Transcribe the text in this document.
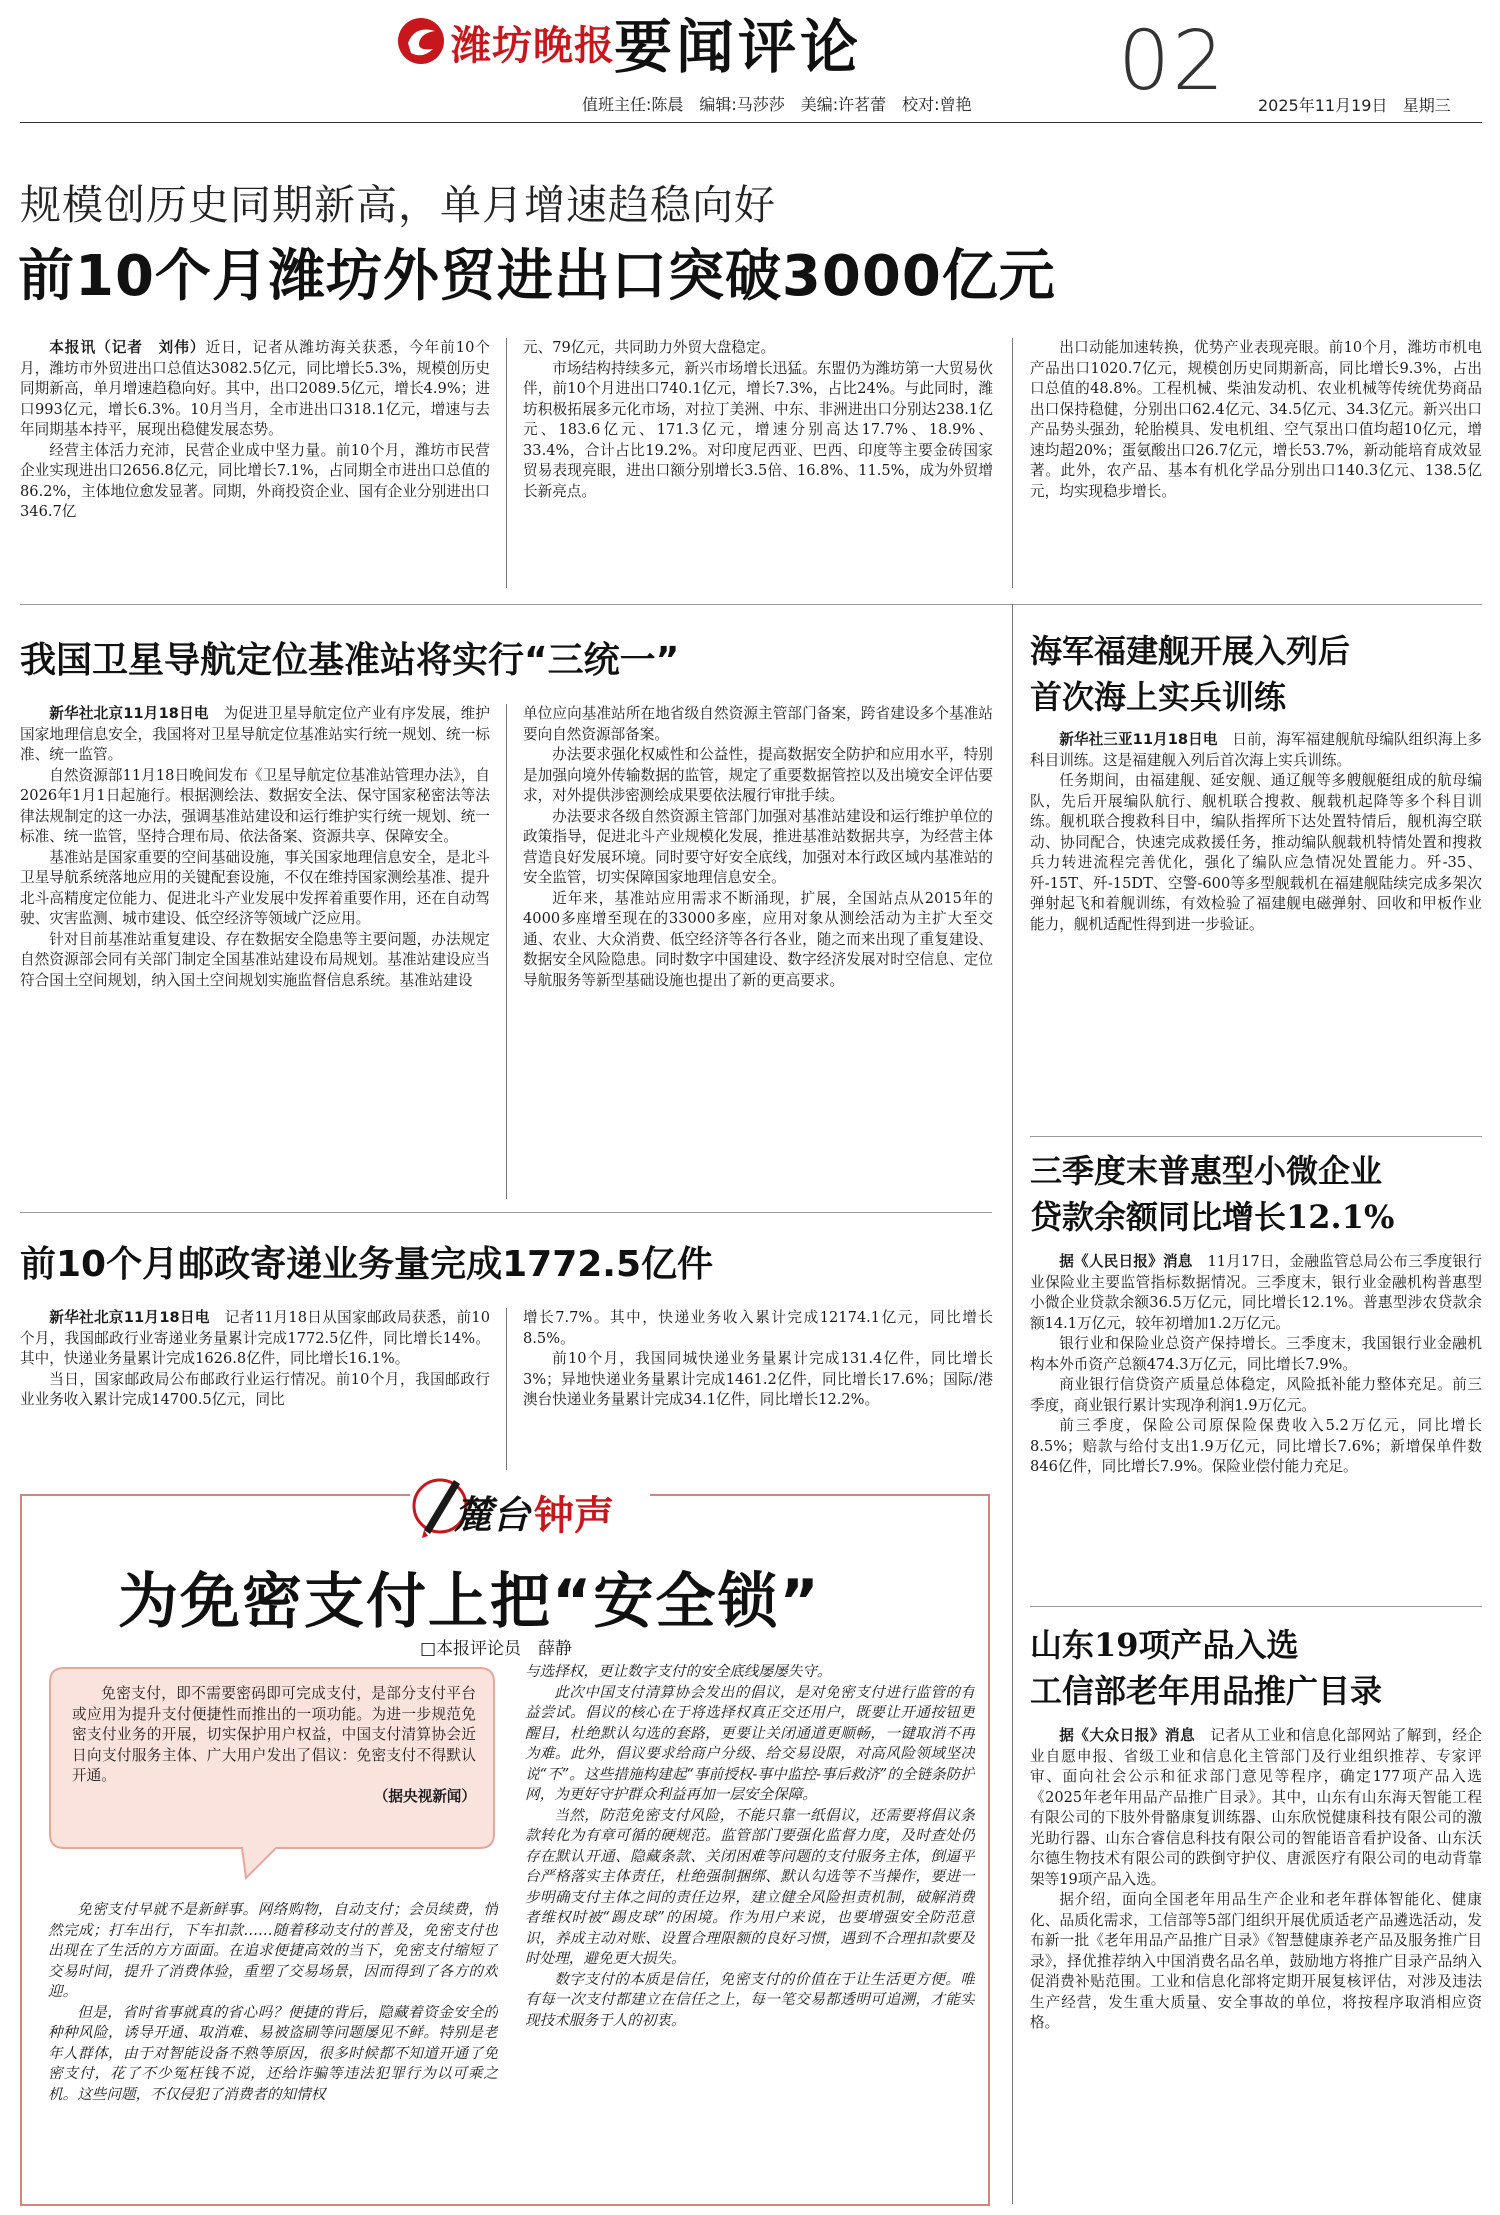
潍坊晚报 要闻评论
值班主任:陈晨　编辑:马莎莎　美编:许茗蕾　校对:曾艳 02 2025年11月19日 星期三
规模创历史同期新高，单月增速趋稳向好
前10个月潍坊外贸进出口突破3000亿元

本报讯（记者　刘伟）近日，记者从潍坊海关获悉，今年前10个月，潍坊市外贸进出口总值达3082.5亿元，同比增长5.3%，规模创历史同期新高，单月增速趋稳向好。其中，出口2089.5亿元，增长4.9%；进口993亿元，增长6.3%。10月当月，全市进出口318.1亿元，增速与去年同期基本持平，展现出稳健发展态势。

经营主体活力充沛，民营企业成中坚力量。前10个月，潍坊市民营企业实现进出口2656.8亿元，同比增长7.1%，占同期全市进出口总值的86.2%，主体地位愈发显著。同期，外商投资企业、国有企业分别进出口346.7亿

元、79亿元，共同助力外贸大盘稳定。

市场结构持续多元，新兴市场增长迅猛。东盟仍为潍坊第一大贸易伙伴，前10个月进出口740.1亿元，增长7.3%，占比24%。与此同时，潍坊积极拓展多元化市场，对拉丁美洲、中东、非洲进出口分别达238.1亿元、183.6亿元、171.3亿元，增速分别高达17.7%、18.9%、33.4%，合计占比19.2%。对印度尼西亚、巴西、印度等主要金砖国家贸易表现亮眼，进出口额分别增长3.5倍、16.8%、11.5%，成为外贸增长新亮点。

出口动能加速转换，优势产业表现亮眼。前10个月，潍坊市机电产品出口1020.7亿元，规模创历史同期新高，同比增长9.3%，占出口总值的48.8%。工程机械、柴油发动机、农业机械等传统优势商品出口保持稳健，分别出口62.4亿元、34.5亿元、34.3亿元。新兴出口产品势头强劲，轮胎模具、发电机组、空气泵出口值均超10亿元，增速均超20%；蛋氨酸出口26.7亿元，增长53.7%，新动能培育成效显著。此外，农产品、基本有机化学品分别出口140.3亿元、138.5亿元，均实现稳步增长。

我国卫星导航定位基准站将实行“三统一”

新华社北京11月18日电　 为促进卫星导航定位产业有序发展，维护国家地理信息安全，我国将对卫星导航定位基准站实行统一规划、统一标准、统一监管。

自然资源部11月18日晚间发布《卫星导航定位基准站管理办法》，自2026年1月1日起施行。根据测绘法、数据安全法、保守国家秘密法等法律法规制定的这一办法，强调基准站建设和运行维护实行统一规划、统一标准、统一监管，坚持合理布局、依法备案、资源共享、保障安全。

基准站是国家重要的空间基础设施，事关国家地理信息安全，是北斗卫星导航系统落地应用的关键配套设施，不仅在维持国家测绘基准、提升北斗高精度定位能力、促进北斗产业发展中发挥着重要作用，还在自动驾驶、灾害监测、城市建设、低空经济等领域广泛应用。

针对目前基准站重复建设、存在数据安全隐患等主要问题，办法规定自然资源部会同有关部门制定全国基准站建设布局规划。基准站建设应当符合国土空间规划，纳入国土空间规划实施监督信息系统。基准站建设

单位应向基准站所在地省级自然资源主管部门备案，跨省建设多个基准站要向自然资源部备案。

办法要求强化权威性和公益性，提高数据安全防护和应用水平，特别是加强向境外传输数据的监管，规定了重要数据管控以及出境安全评估要求，对外提供涉密测绘成果要依法履行审批手续。

办法要求各级自然资源主管部门加强对基准站建设和运行维护单位的政策指导，促进北斗产业规模化发展，推进基准站数据共享，为经营主体营造良好发展环境。同时要守好安全底线，加强对本行政区域内基准站的安全监管，切实保障国家地理信息安全。

近年来，基准站应用需求不断涌现，扩展，全国站点从2015年的4000多座增至现在的33000多座，应用对象从测绘活动为主扩大至交通、农业、大众消费、低空经济等各行各业，随之而来出现了重复建设、数据安全风险隐患。同时数字中国建设、数字经济发展对时空信息、定位导航服务等新型基础设施也提出了新的更高要求。

前10个月邮政寄递业务量完成1772.5亿件

新华社北京11月18日电　 记者11月18日从国家邮政局获悉，前10个月，我国邮政行业寄递业务量累计完成1772.5亿件，同比增长14%。其中，快递业务量累计完成1626.8亿件，同比增长16.1%。

当日，国家邮政局公布邮政行业运行情况。前10个月，我国邮政行业业务收入累计完成14700.5亿元，同比

增长7.7%。其中，快递业务收入累计完成12174.1亿元，同比增长8.5%。

前10个月，我国同城快递业务量累计完成131.4亿件，同比增长3%；异地快递业务量累计完成1461.2亿件，同比增长17.6%；国际/港澳台快递业务量累计完成34.1亿件，同比增长12.2%。

麓台 钟声
为免密支付上把“安全锁”
□本报评论员　薛静

免密支付，即不需要密码即可完成支付，是部分支付平台或应用为提升支付便捷性而推出的一项功能。为进一步规范免密支付业务的开展，切实保护用户权益，中国支付清算协会近日向支付服务主体、广大用户发出了倡议：免密支付不得默认开通。

（据央视新闻）

免密支付早就不是新鲜事。网络购物，自动支付；会员续费，悄然完成；打车出行，下车扣款……随着移动支付的普及，免密支付也出现在了生活的方方面面。在追求便捷高效的当下，免密支付缩短了交易时间，提升了消费体验，重塑了交易场景，因而得到了各方的欢迎。

但是，省时省事就真的省心吗？便捷的背后，隐藏着资金安全的种种风险，诱导开通、取消难、易被盗刷等问题屡见不鲜。特别是老年人群体，由于对智能设备不熟等原因，很多时候都不知道开通了免密支付，花了不少冤枉钱不说，还给诈骗等违法犯罪行为以可乘之机。这些问题，不仅侵犯了消费者的知情权

与选择权，更让数字支付的安全底线屡屡失守。

此次中国支付清算协会发出的倡议，是对免密支付进行监管的有益尝试。倡议的核心在于将选择权真正交还用户，既要让开通按钮更醒目，杜绝默认勾选的套路，更要让关闭通道更顺畅，一键取消不再为难。此外，倡议要求给商户分级、给交易设限，对高风险领域坚决说“不”。这些措施构建起“事前授权-事中监控-事后救济”的全链条防护网，为更好守护群众利益再加一层安全保障。

当然，防范免密支付风险，不能只靠一纸倡议，还需要将倡议条款转化为有章可循的硬规范。监管部门要强化监督力度，及时查处仍存在默认开通、隐藏条款、关闭困难等问题的支付服务主体，倒逼平台严格落实主体责任，杜绝强制捆绑、默认勾选等不当操作，要进一步明确支付主体之间的责任边界，建立健全风险担责机制，破解消费者维权时被“踢皮球”的困境。作为用户来说，也要增强安全防范意识，养成主动对账、设置合理限额的良好习惯，遇到不合理扣款要及时处理，避免更大损失。

数字支付的本质是信任，免密支付的价值在于让生活更方便。唯有每一次支付都建立在信任之上，每一笔交易都透明可追溯，才能实现技术服务于人的初衷。

海军福建舰开展入列后
首次海上实兵训练

新华社三亚11月18日电　 日前，海军福建舰航母编队组织海上多科目训练。这是福建舰入列后首次海上实兵训练。

任务期间，由福建舰、延安舰、通辽舰等多艘舰艇组成的航母编队，先后开展编队航行、舰机联合搜救、舰载机起降等多个科目训练。舰机联合搜救科目中，编队指挥所下达处置特情后，舰机海空联动、协同配合，快速完成救援任务，推动编队舰载机特情处置和搜救兵力转进流程完善优化，强化了编队应急情况处置能力。歼-35、歼-15T、歼-15DT、空警-600等多型舰载机在福建舰陆续完成多架次弹射起飞和着舰训练，有效检验了福建舰电磁弹射、回收和甲板作业能力，舰机适配性得到进一步验证。

三季度末普惠型小微企业
贷款余额同比增长12.1%

据《人民日报》消息　 11月17日，金融监管总局公布三季度银行业保险业主要监管指标数据情况。三季度末，银行业金融机构普惠型小微企业贷款余额36.5万亿元，同比增长12.1%。普惠型涉农贷款余额14.1万亿元，较年初增加1.2万亿元。

银行业和保险业总资产保持增长。三季度末，我国银行业金融机构本外币资产总额474.3万亿元，同比增长7.9%。

商业银行信贷资产质量总体稳定，风险抵补能力整体充足。前三季度，商业银行累计实现净利润1.9万亿元。

前三季度，保险公司原保险保费收入5.2万亿元，同比增长8.5%；赔款与给付支出1.9万亿元，同比增长7.6%；新增保单件数846亿件，同比增长7.9%。保险业偿付能力充足。

山东19项产品入选
工信部老年用品推广目录

据《大众日报》消息　 记者从工业和信息化部网站了解到，经企业自愿申报、省级工业和信息化主管部门及行业组织推荐、专家评审、面向社会公示和征求部门意见等程序，确定177项产品入选《2025年老年用品产品推广目录》。其中，山东有山东海天智能工程有限公司的下肢外骨骼康复训练器、山东欣悦健康科技有限公司的激光助行器、山东合睿信息科技有限公司的智能语音看护设备、山东沃尔德生物技术有限公司的跌倒守护仪、唐派医疗有限公司的电动背靠架等19项产品入选。

据介绍，面向全国老年用品生产企业和老年群体智能化、健康化、品质化需求，工信部等5部门组织开展优质适老产品遴选活动，发布新一批《老年用品产品推广目录》《智慧健康养老产品及服务推广目录》，择优推荐纳入中国消费名品名单，鼓励地方将推广目录产品纳入促消费补贴范围。工业和信息化部将定期开展复核评估，对涉及违法生产经营，发生重大质量、安全事故的单位，将按程序取消相应资格。
